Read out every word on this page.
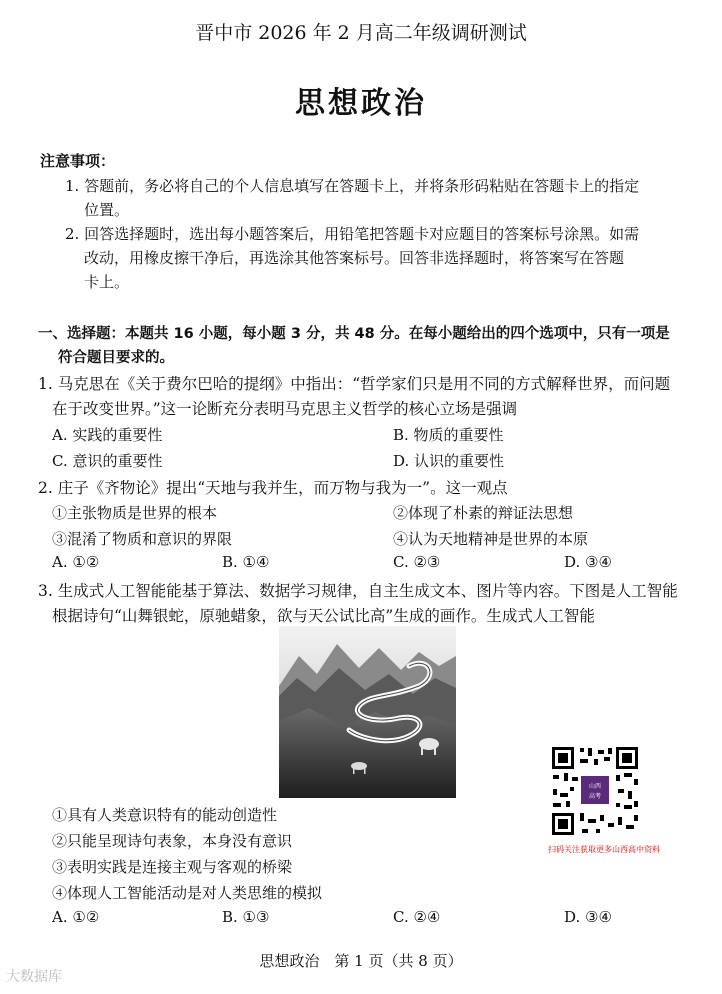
晋中市 2026 年 2 月高二年级调研测试
思想政治
注意事项：
1. 答题前，务必将自己的个人信息填写在答题卡上，并将条形码粘贴在答题卡上的指定
位置。
2. 回答选择题时，选出每小题答案后，用铅笔把答题卡对应题目的答案标号涂黑。如需
改动，用橡皮擦干净后，再选涂其他答案标号。回答非选择题时，将答案写在答题
卡上。
一、选择题：本题共 16 小题，每小题 3 分，共 48 分。在每小题给出的四个选项中，只有一项是
符合题目要求的。
1. 马克思在《关于费尔巴哈的提纲》中指出：“哲学家们只是用不同的方式解释世界，而问题
在于改变世界。”这一论断充分表明马克思主义哲学的核心立场是强调
A. 实践的重要性	B. 物质的重要性
C. 意识的重要性	D. 认识的重要性
2. 庄子《齐物论》提出“天地与我并生，而万物与我为一”。这一观点
①主张物质是世界的根本	②体现了朴素的辩证法思想
③混淆了物质和意识的界限	④认为天地精神是世界的本原
A. ①②	B. ①④	C. ②③	D. ③④
3. 生成式人工智能能基于算法、数据学习规律，自主生成文本、图片等内容。下图是人工智能
根据诗句“山舞银蛇，原驰蜡象，欲与天公试比高”生成的画作。生成式人工智能
山西
高考
扫码关注获取更多山西高中资料
①具有人类意识特有的能动创造性
②只能呈现诗句表象，本身没有意识
③表明实践是连接主观与客观的桥梁
④体现人工智能活动是对人类思维的模拟
A. ①②	B. ①③	C. ②④	D. ③④
思想政治　第 1 页（共 8 页）
大数据库
